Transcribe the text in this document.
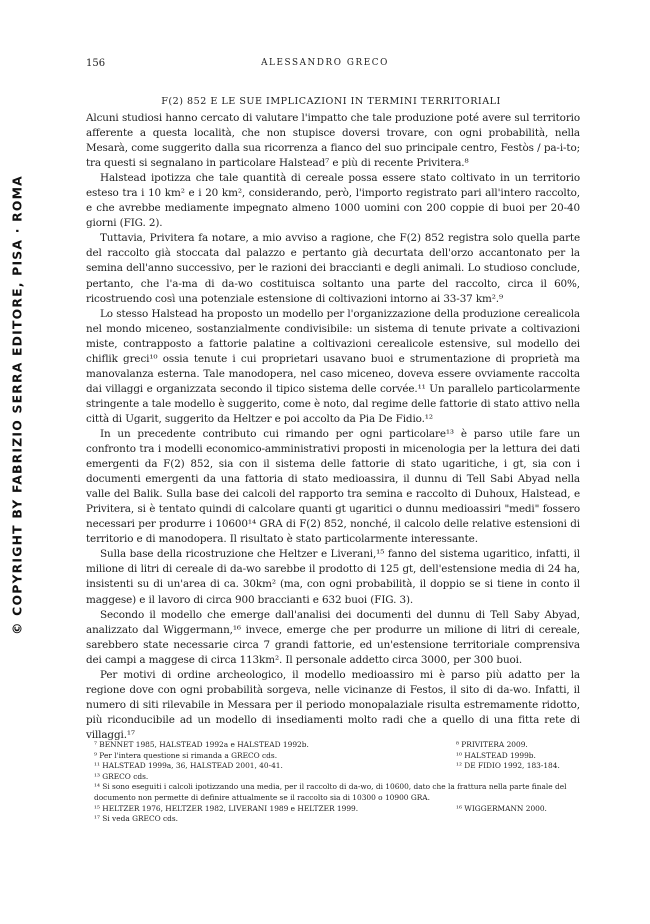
© COPYRIGHT BY FABRIZIO SERRA EDITORE, PISA · ROMA
156	ALESSANDRO GRECO
F(2) 852 E LE SUE IMPLICAZIONI IN TERMINI TERRITORIALI

Alcuni studiosi hanno cercato di valutare l'impatto che tale produzione poté avere sul territorio afferente a questa località, che non stupisce doversi trovare, con ogni probabilità, nella Mesarà, come suggerito dalla sua ricorrenza a fianco del suo principale centro, Festòs / pa-i-to; tra questi si segnalano in particolare Halstead⁷ e più di recente Privitera.⁸

Halstead ipotizza che tale quantità di cereale possa essere stato coltivato in un territorio esteso tra i 10 km² e i 20 km², considerando, però, l'importo registrato pari all'intero raccolto, e che avrebbe mediamente impegnato almeno 1000 uomini con 200 coppie di buoi per 20-40 giorni (FIG. 2).

Tuttavia, Privitera fa notare, a mio avviso a ragione, che F(2) 852 registra solo quella parte del raccolto già stoccata dal palazzo e pertanto già decurtata dell'orzo accantonato per la semina dell'anno successivo, per le razioni dei braccianti e degli animali. Lo studioso conclude, pertanto, che l'a-ma di da-wo costituisca soltanto una parte del raccolto, circa il 60%, ricostruendo così una potenziale estensione di coltivazioni intorno ai 33-37 km².⁹

Lo stesso Halstead ha proposto un modello per l'organizzazione della produzione cerealicola nel mondo miceneo, sostanzialmente condivisibile: un sistema di tenute private a coltivazioni miste, contrapposto a fattorie palatine a coltivazioni cerealicole estensive, sul modello dei chiflik greci¹⁰ ossia tenute i cui proprietari usavano buoi e strumentazione di proprietà ma manovalanza esterna. Tale manodopera, nel caso miceneo, doveva essere ovviamente raccolta dai villaggi e organizzata secondo il tipico sistema delle corvée.¹¹ Un parallelo particolarmente stringente a tale modello è suggerito, come è noto, dal regime delle fattorie di stato attivo nella città di Ugarit, suggerito da Heltzer e poi accolto da Pia De Fidio.¹²

In un precedente contributo cui rimando per ogni particolare¹³ è parso utile fare un confronto tra i modelli economico-amministrativi proposti in micenologia per la lettura dei dati emergenti da F(2) 852, sia con il sistema delle fattorie di stato ugaritiche, i gt, sia con i documenti emergenti da una fattoria di stato medioassira, il dunnu di Tell Sabi Abyad nella valle del Balik. Sulla base dei calcoli del rapporto tra semina e raccolto di Duhoux, Halstead, e Privitera, si è tentato quindi di calcolare quanti gt ugaritici o dunnu medioassiri "medi" fossero necessari per produrre i 10600¹⁴ GRA di F(2) 852, nonché, il calcolo delle relative estensioni di territorio e di manodopera. Il risultato è stato particolarmente interessante.

Sulla base della ricostruzione che Heltzer e Liverani,¹⁵ fanno del sistema ugaritico, infatti, il milione di litri di cereale di da-wo sarebbe il prodotto di 125 gt, dell'estensione media di 24 ha, insistenti su di un'area di ca. 30km² (ma, con ogni probabilità, il doppio se si tiene in conto il maggese) e il lavoro di circa 900 braccianti e 632 buoi (FIG. 3).

Secondo il modello che emerge dall'analisi dei documenti del dunnu di Tell Saby Abyad, analizzato dal Wiggermann,¹⁶ invece, emerge che per produrre un milione di litri di cereale, sarebbero state necessarie circa 7 grandi fattorie, ed un'estensione territoriale comprensiva dei campi a maggese di circa 113km². Il personale addetto circa 3000, per 300 buoi.

Per motivi di ordine archeologico, il modello medioassiro mi è parso più adatto per la regione dove con ogni probabilità sorgeva, nelle vicinanze di Festos, il sito di da-wo. Infatti, il numero di siti rilevabile in Messara per il periodo monopalaziale risulta estremamente ridotto, più riconducibile ad un modello di insediamenti molto radi che a quello di una fitta rete di villaggi.¹⁷

⁷ BENNET 1985, HALSTEAD 1992a e HALSTEAD 1992b.	⁸ PRIVITERA 2009.
⁹ Per l'intera questione si rimanda a GRECO cds.	¹⁰ HALSTEAD 1999b.
¹¹ HALSTEAD 1999a, 36, HALSTEAD 2001, 40-41.	¹² DE FIDIO 1992, 183-184.
¹³ GRECO cds.
¹⁴ Si sono eseguiti i calcoli ipotizzando una media, per il raccolto di da-wo, di 10600, dato che la frattura nella parte finale del documento non permette di definire attualmente se il raccolto sia di 10300 o 10900 GRA.
¹⁵ HELTZER 1976, HELTZER 1982, LIVERANI 1989 e HELTZER 1999.	¹⁶ WIGGERMANN 2000.
¹⁷ Si veda GRECO cds.
